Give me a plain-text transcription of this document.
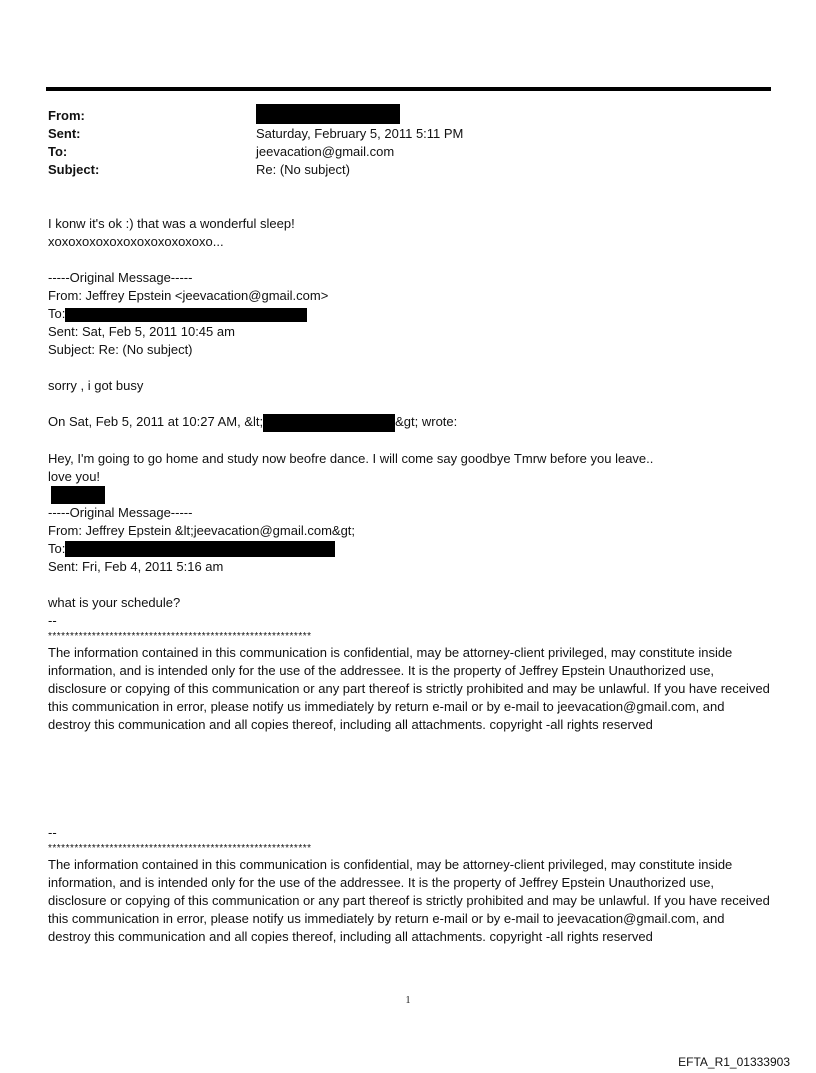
From:
Sent:	Saturday, February 5, 2011 5:11 PM
To:	jeevacation@gmail.com
Subject:	Re: (No subject)

I konw it's ok :) that was a wonderful sleep!

xoxoxoxoxoxoxoxoxoxoxoxo...

-----Original Message-----

From: Jeffrey Epstein <jeevacation@gmail.com>

To:

Sent: Sat, Feb 5, 2011 10:45 am

Subject: Re: (No subject)

sorry , i got busy

On Sat, Feb 5, 2011 at 10:27 AM, &lt;	&gt; wrote:

Hey, I'm going to go home and study now beofre dance. I will come say goodbye Tmrw before you leave..

love you!

-----Original Message-----

From: Jeffrey Epstein &lt;jeevacation@gmail.com&gt;

To:

Sent: Fri, Feb 4, 2011 5:16 am

what is your schedule?

--

************************************************************

The information contained in this communication is confidential, may be attorney-client privileged, may constitute inside information, and is intended only for the use of the addressee. It is the property of Jeffrey Epstein Unauthorized use, disclosure or copying of this communication or any part thereof is strictly prohibited and may be unlawful. If you have received this communication in error, please notify us immediately by return e-mail or by e-mail to jeevacation@gmail.com, and destroy this communication and all copies thereof, including all attachments. copyright -all rights reserved

--

************************************************************

The information contained in this communication is confidential, may be attorney-client privileged, may constitute inside information, and is intended only for the use of the addressee. It is the property of Jeffrey Epstein Unauthorized use, disclosure or copying of this communication or any part thereof is strictly prohibited and may be unlawful. If you have received this communication in error, please notify us immediately by return e-mail or by e-mail to jeevacation@gmail.com, and destroy this communication and all copies thereof, including all attachments. copyright -all rights reserved

1
EFTA_R1_01333903
